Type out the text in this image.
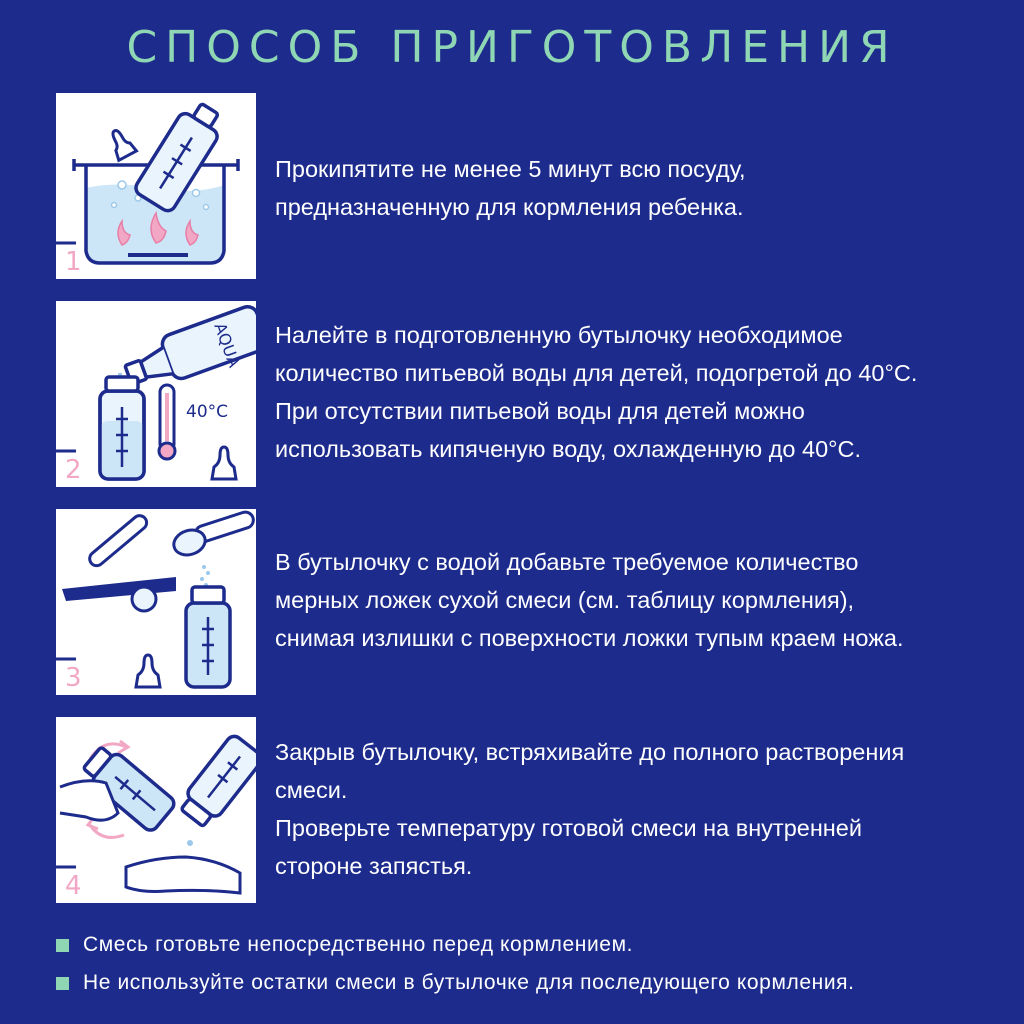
СПОСОБ ПРИГОТОВЛЕНИЯ
1
Прокипятите не менее 5 минут всю посуду,
предназначенную для кормления ребенка.
AQUA
40°C
2
Налейте в подготовленную бутылочку необходимое
количество питьевой воды для детей, подогретой до 40°C.
При отсутствии питьевой воды для детей можно
использовать кипяченую воду, охлажденную до 40°C.
3
В бутылочку с водой добавьте требуемое количество
мерных ложек сухой смеси (см. таблицу кормления),
снимая излишки с поверхности ложки тупым краем ножа.
4
Закрыв бутылочку, встряхивайте до полного растворения
смеси.
Проверьте температуру готовой смеси на внутренней
стороне запястья.
Смесь готовьте непосредственно перед кормлением.
Не используйте остатки смеси в бутылочке для последующего кормления.
